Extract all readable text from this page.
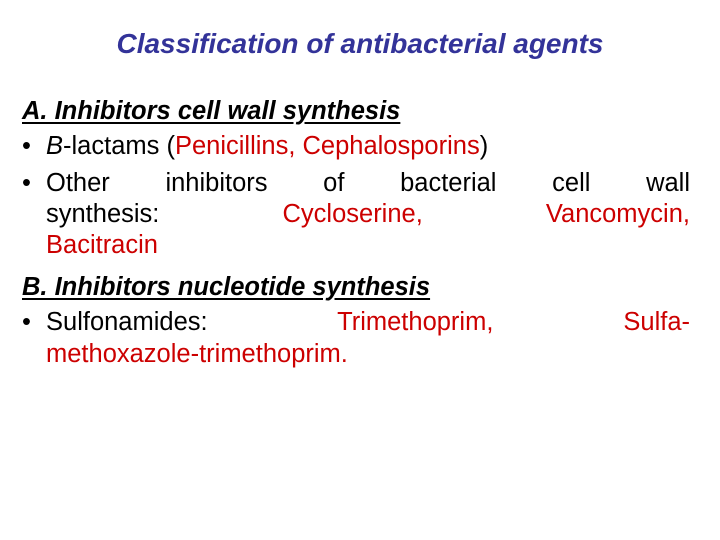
Classification of antibacterial agents
A. Inhibitors cell wall synthesis
• B-lactams (Penicillins, Cephalosporins)
• Other inhibitors of bacterial cell wall
synthesis:	Cycloserine, Vancomycin,
Bacitracin
B. Inhibitors nucleotide synthesis
• Sulfonamides:	Trimethoprim,	Sulfa-
methoxazole-trimethoprim.
